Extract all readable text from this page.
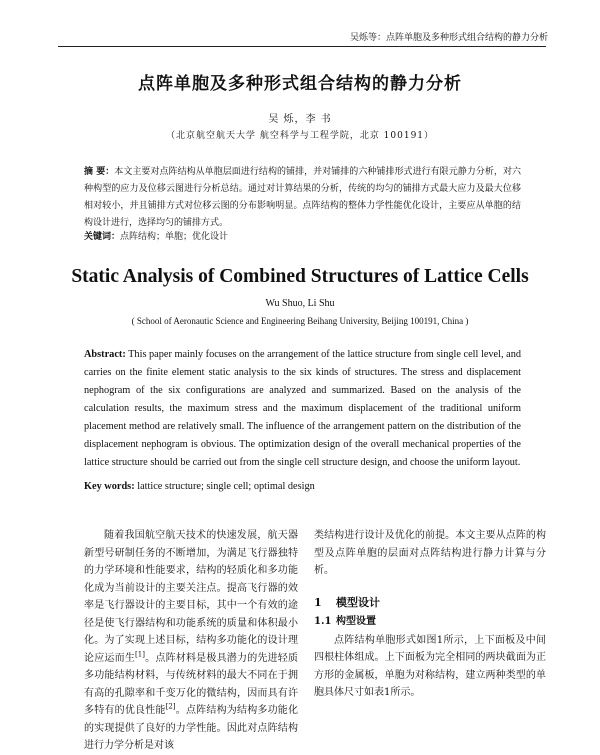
吴烁等：点阵单胞及多种形式组合结构的静力分析
点阵单胞及多种形式组合结构的静力分析
吴 烁，李 书
（北京航空航天大学 航空科学与工程学院，北京 100191）
摘 要：本文主要对点阵结构从单胞层面进行结构的铺排，并对铺排的六种铺排形式进行有限元静力分析，对六种构型的应力及位移云图进行分析总结。通过对计算结果的分析，传统的均匀的铺排方式最大应力及最大位移相对较小，并且铺排方式对位移云图的分布影响明显。点阵结构的整体力学性能优化设计，主要应从单胞的结构设计进行，选择均匀的铺排方式。
关键词：点阵结构；单胞；优化设计
Static Analysis of Combined Structures of Lattice Cells
Wu Shuo, Li Shu
( School of Aeronautic Science and Engineering Beihang University, Beijing 100191, China )
Abstract: This paper mainly focuses on the arrangement of the lattice structure from single cell level, and carries on the finite element static analysis to the six kinds of structures. The stress and displacement nephogram of the six configurations are analyzed and summarized. Based on the analysis of the calculation results, the maximum stress and the maximum displacement of the traditional uniform placement method are relatively small. The influence of the arrangement pattern on the distribution of the displacement nephogram is obvious. The optimization design of the overall mechanical properties of the lattice structure should be carried out from the single cell structure design, and choose the uniform layout.
Key words: lattice structure; single cell; optimal design

随着我国航空航天技术的快速发展，航天器新型号研制任务的不断增加，为满足飞行器独特的力学环境和性能要求，结构的轻质化和多功能化成为当前设计的主要关注点。提高飞行器的效率是飞行器设计的主要目标，其中一个有效的途径是使飞行器结构和功能系统的质量和体积最小化。为了实现上述目标，结构多功能化的设计理论应运而生[1]。点阵材料是极具潜力的先进轻质多功能结构材料，与传统材料的最大不同在于拥有高的孔隙率和千变万化的微结构，因而具有许多特有的优良性能[2]。点阵结构为结构多功能化的实现提供了良好的力学性能。因此对点阵结构进行力学分析是对该

类结构进行设计及优化的前提。本文主要从点阵的构型及点阵单胞的层面对点阵结构进行静力计算与分析。

1 模型设计
1.1 构型设置

点阵结构单胞形式如图1所示，上下面板及中间四根柱体组成。上下面板为完全相同的两块截面为正方形的金属板，单胞为对称结构，建立两种类型的单胞具体尺寸如表1所示。
